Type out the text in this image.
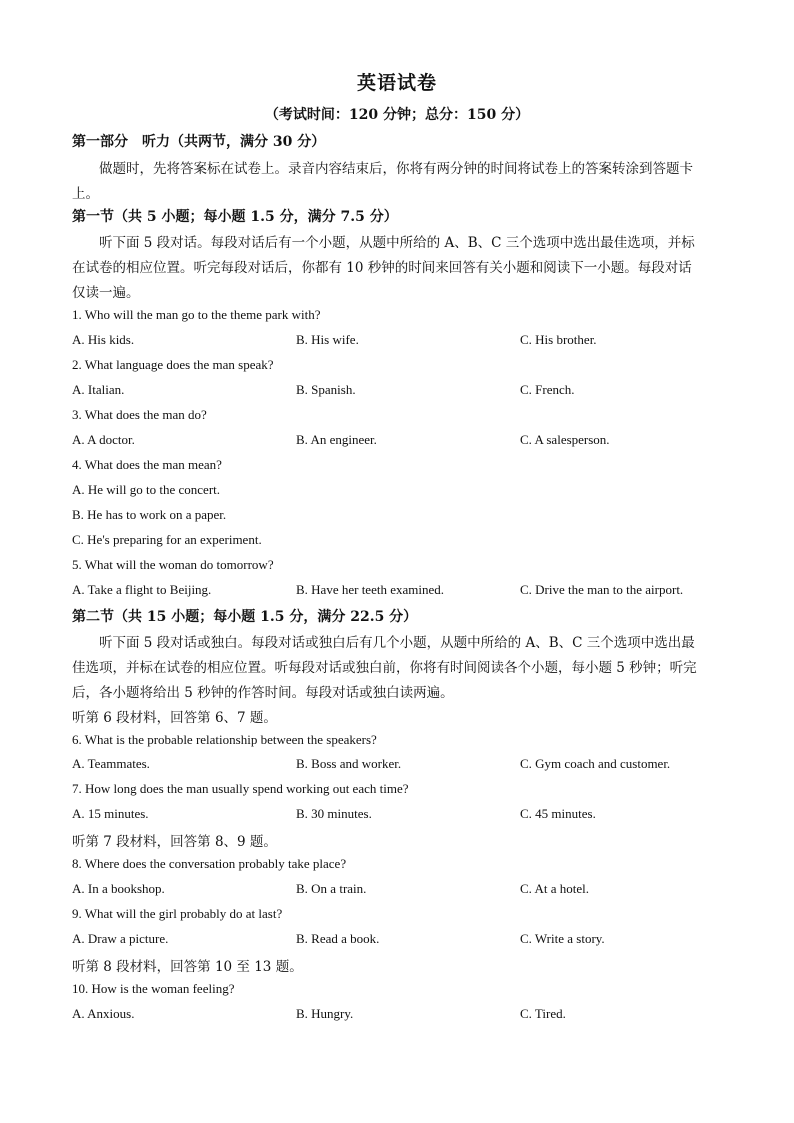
英语试卷
（考试时间：120 分钟；总分：150 分）
第一部分　听力（共两节，满分 30 分）
做题时，先将答案标在试卷上。录音内容结束后，你将有两分钟的时间将试卷上的答案转涂到答题卡
上。
第一节（共 5 小题；每小题 1.5 分，满分 7.5 分）
听下面 5 段对话。每段对话后有一个小题，从题中所给的 A、B、C 三个选项中选出最佳选项，并标
在试卷的相应位置。听完每段对话后，你都有 10 秒钟的时间来回答有关小题和阅读下一小题。每段对话
仅读一遍。
1. Who will the man go to the theme park with?
A. His kids.	B. His wife.	C. His brother.
2. What language does the man speak?
A. Italian.	B. Spanish.	C. French.
3. What does the man do?
A. A doctor.	B. An engineer.	C. A salesperson.
4. What does the man mean?
A. He will go to the concert.
B. He has to work on a paper.
C. He's preparing for an experiment.
5. What will the woman do tomorrow?
A. Take a flight to Beijing.	B. Have her teeth examined.	C. Drive the man to the airport.
第二节（共 15 小题；每小题 1.5 分，满分 22.5 分）
听下面 5 段对话或独白。每段对话或独白后有几个小题，从题中所给的 A、B、C 三个选项中选出最
佳选项，并标在试卷的相应位置。听每段对话或独白前，你将有时间阅读各个小题，每小题 5 秒钟；听完
后，各小题将给出 5 秒钟的作答时间。每段对话或独白读两遍。
听第 6 段材料，回答第 6、7 题。
6. What is the probable relationship between the speakers?
A. Teammates.	B. Boss and worker.	C. Gym coach and customer.
7. How long does the man usually spend working out each time?
A. 15 minutes.	B. 30 minutes.	C. 45 minutes.
听第 7 段材料，回答第 8、9 题。
8. Where does the conversation probably take place?
A. In a bookshop.	B. On a train.	C. At a hotel.
9. What will the girl probably do at last?
A. Draw a picture.	B. Read a book.	C. Write a story.
听第 8 段材料，回答第 10 至 13 题。
10. How is the woman feeling?
A. Anxious.	B. Hungry.	C. Tired.
